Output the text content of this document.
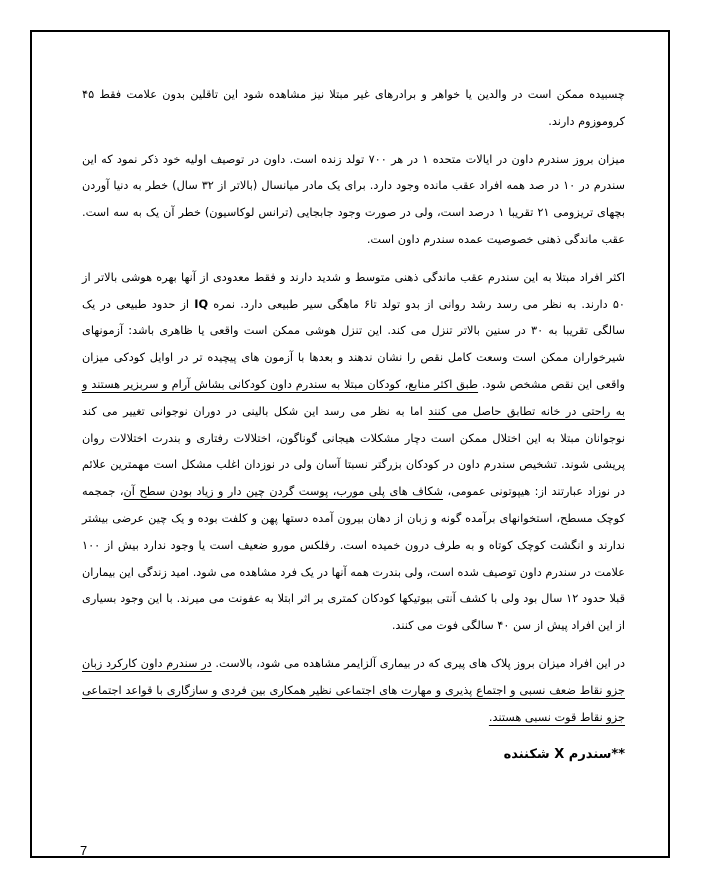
چسبیده ممکن است در والدین یا خواهر و برادرهای غیر مبتلا نیز مشاهده شود این تاقلین بدون علامت فقط ۴۵ کروموزوم دارند.

میزان بروز سندرم داون در ایالات متحده ۱ در هر ۷۰۰ تولد زنده است. داون در توصیف اولیه خود ذکر نمود که این سندرم در ۱۰ در صد همه افراد عقب مانده وجود دارد. برای یک مادر میانسال (بالاتر از ۳۲ سال) خطر به دنیا آوردن بچهای تریزومی ۲۱ تقریبا ۱ درصد است، ولی در صورت وجود جابجایی (ترانس لوکاسیون) خطر آن یک به سه است. عقب ماندگی ذهنی خصوصیت عمده سندرم داون است.

اکثر افراد مبتلا به این سندرم عقب ماندگی ذهنی متوسط و شدید دارند و فقط معدودی از آنها بهره هوشی بالاتر از ۵۰ دارند. به نظر می رسد رشد روانی از بدو تولد تا۶ ماهگی سیر طبیعی دارد. نمره IQ از حدود طبیعی در یک سالگی تقریبا به ۳۰ در سنین بالاتر تنزل می کند. این تنزل هوشی ممکن است واقعی یا ظاهری باشد: آزمونهای شیرخواران ممکن است وسعت کامل نقص را نشان ندهند و بعدها با آزمون های پیچیده تر در اوایل کودکی میزان واقعی این نقص مشخص شود. طبق اکثر منابع، کودکان مبتلا به سندرم داون کودکانی بشاش آرام و سربزیر هستند و به راحتی در خانه تطابق حاصل می کنند اما به نظر می رسد این شکل بالینی در دوران نوجوانی تغییر می کند نوجوانان مبتلا به این اختلال ممکن است دچار مشکلات هیجانی گوناگون، اختلالات رفتاری و بندرت اختلالات روان پریشی شوند. تشخیص سندرم داون در کودکان بزرگتر نسبتا آسان ولی در نوزدان اغلب مشکل است مهمترین علائم در نوزاد عبارتند از: هیپوتونی عمومی، شکاف های پلی مورب، پوست گردن چین دار و زیاد بودن سطح آن، جمجمه کوچک مسطح، استخوانهای برآمده گونه و زبان از دهان بیرون آمده دستها پهن و کلفت بوده و یک چین عرضی بیشتر ندارند و انگشت کوچک کوتاه و به طرف درون خمیده است. رفلکس مورو ضعیف است یا وجود ندارد بیش از ۱۰۰ علامت در سندرم داون توصیف شده است، ولی بندرت همه آنها در یک فرد مشاهده می شود. امید زندگی این بیماران قبلا حدود ۱۲ سال بود ولی با کشف آنتی بیوتیکها کودکان کمتری بر اثر ابتلا به عفونت می میرند. با این وجود بسیاری از این افراد پیش از سن ۴۰ سالگی فوت می کنند.

در این افراد میزان بروز پلاک های پیری که در بیماری آلزایمر مشاهده می شود، بالاست. در سندرم داون کارکرد زبان جزو نقاط ضعف نسبی و اجتماع پذیری و مهارت های اجتماعی نظیر همکاری بین فردی و سازگاری با قواعد اجتماعی جزو نقاط قوت نسبی هستند.

**سندرم X شکننده
7
